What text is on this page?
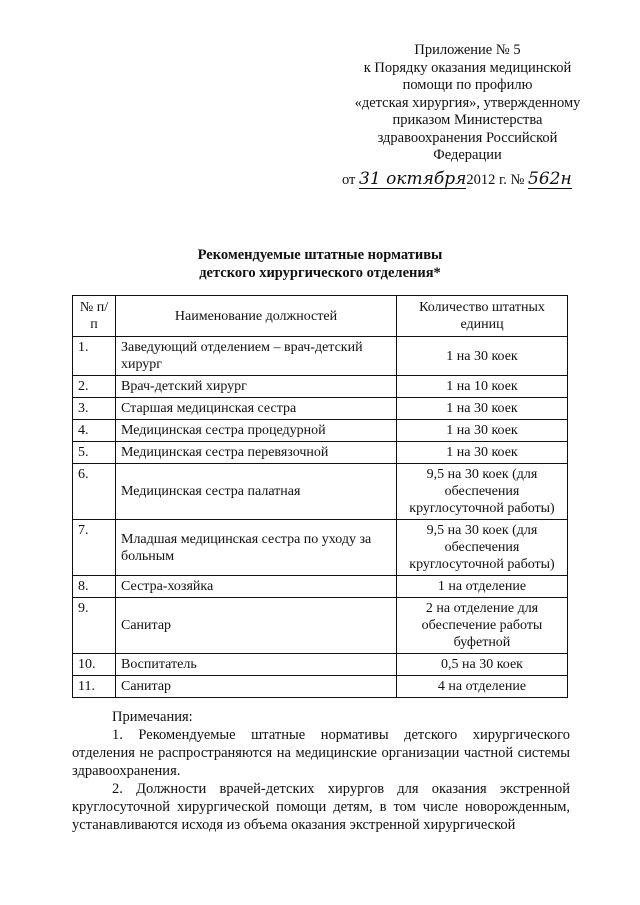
Приложение № 5
к Порядку оказания медицинской
помощи по профилю
«детская хирургия», утвержденному
приказом Министерства
здравоохранения Российской
Федерации
от 31 октября2012 г. № 562н
Рекомендуемые штатные нормативы
детского хирургического отделения*
№ п/п	Наименование должностей	Количество штатных единиц
1.	Заведующий отделением – врач-детский хирург	1 на 30 коек
2.	Врач-детский хирург	1 на 10 коек
3.	Старшая медицинская сестра	1 на 30 коек
4.	Медицинская сестра процедурной	1 на 30 коек
5.	Медицинская сестра перевязочной	1 на 30 коек
6.	Медицинская сестра палатная	9,5 на 30 коек (для обеспечения круглосуточной работы)
7.	Младшая медицинская сестра по уходу за больным	9,5 на 30 коек (для обеспечения круглосуточной работы)
8.	Сестра-хозяйка	1 на отделение
9.	Санитар	2 на отделение для обеспечение работы буфетной
10.	Воспитатель	0,5 на 30 коек
11.	Санитар	4 на отделение

Примечания:

1. Рекомендуемые штатные нормативы детского хирургического отделения не распространяются на медицинские организации частной системы здравоохранения.

2. Должности врачей-детских хирургов для оказания экстренной круглосуточной хирургической помощи детям, в том числе новорожденным, устанавливаются исходя из объема оказания экстренной хирургической
